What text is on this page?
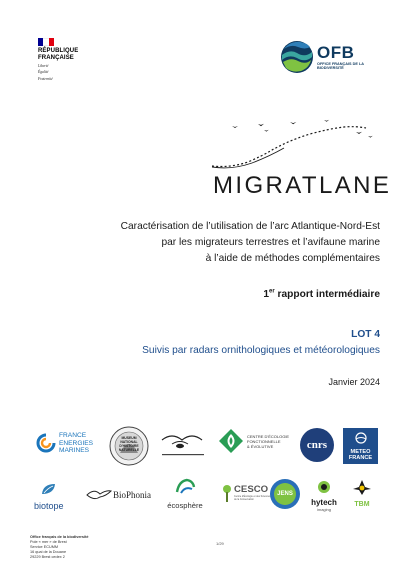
RÉPUBLIQUE
FRANÇAISE
Liberté
Égalité
Fraternité
OFB
OFFICE FRANÇAIS DE LA BIODIVERSITÉ
MIGRATLANE
Caractérisation de l’utilisation de l’arc Atlantique-Nord-Est
par les migrateurs terrestres et l’avifaune marine
à l’aide de méthodes complémentaires
1er rapport intermédiaire
LOT 4
Suivis par radars ornithologiques et météorologiques
Janvier 2024
FRANCE
ENERGIES
MARINES
MUSEUM
NATIONAL D'HISTOIRE
NATURELLE
CENTRE D'ÉCOLOGIE
FONCTIONNELLE
& ÉVOLUTIVE	cnrs
METEO
FRANCE
biotope
BioPhonia
écosphère
CESCO
Centre d'Écologie et des Sciences de la Conservation
JENS
hytech
imaging
TBM
Office français de la biodiversité
Pole « mer » de Brest
Service ECUMM
16 quai de la Douane
29229 Brest cedex 2
1/29
